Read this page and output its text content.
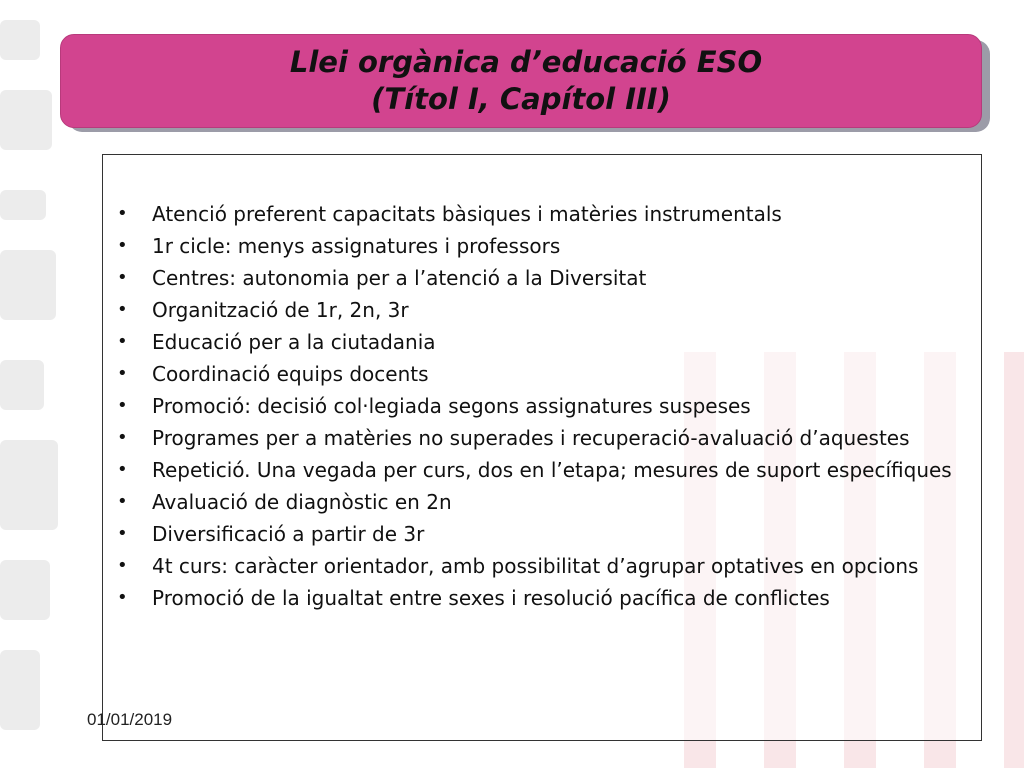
Llei orgànica d’educació ESO
(Títol I, Capítol III)
• Atenció preferent capacitats bàsiques i matèries instrumentals
• 1r cicle: menys assignatures i professors
• Centres: autonomia per a l’atenció a la Diversitat
• Organització de 1r, 2n, 3r
• Educació per a la ciutadania
• Coordinació equips docents
• Promoció: decisió col·legiada segons assignatures suspeses
• Programes per a matèries no superades i recuperació-avaluació d’aquestes
• Repetició. Una vegada per curs, dos en l’etapa; mesures de suport específiques
• Avaluació de diagnòstic en 2n
• Diversificació a partir de 3r
• 4t curs: caràcter orientador, amb possibilitat d’agrupar optatives en opcions
• Promoció de la igualtat entre sexes i resolució pacífica de conflictes
01/01/2019
